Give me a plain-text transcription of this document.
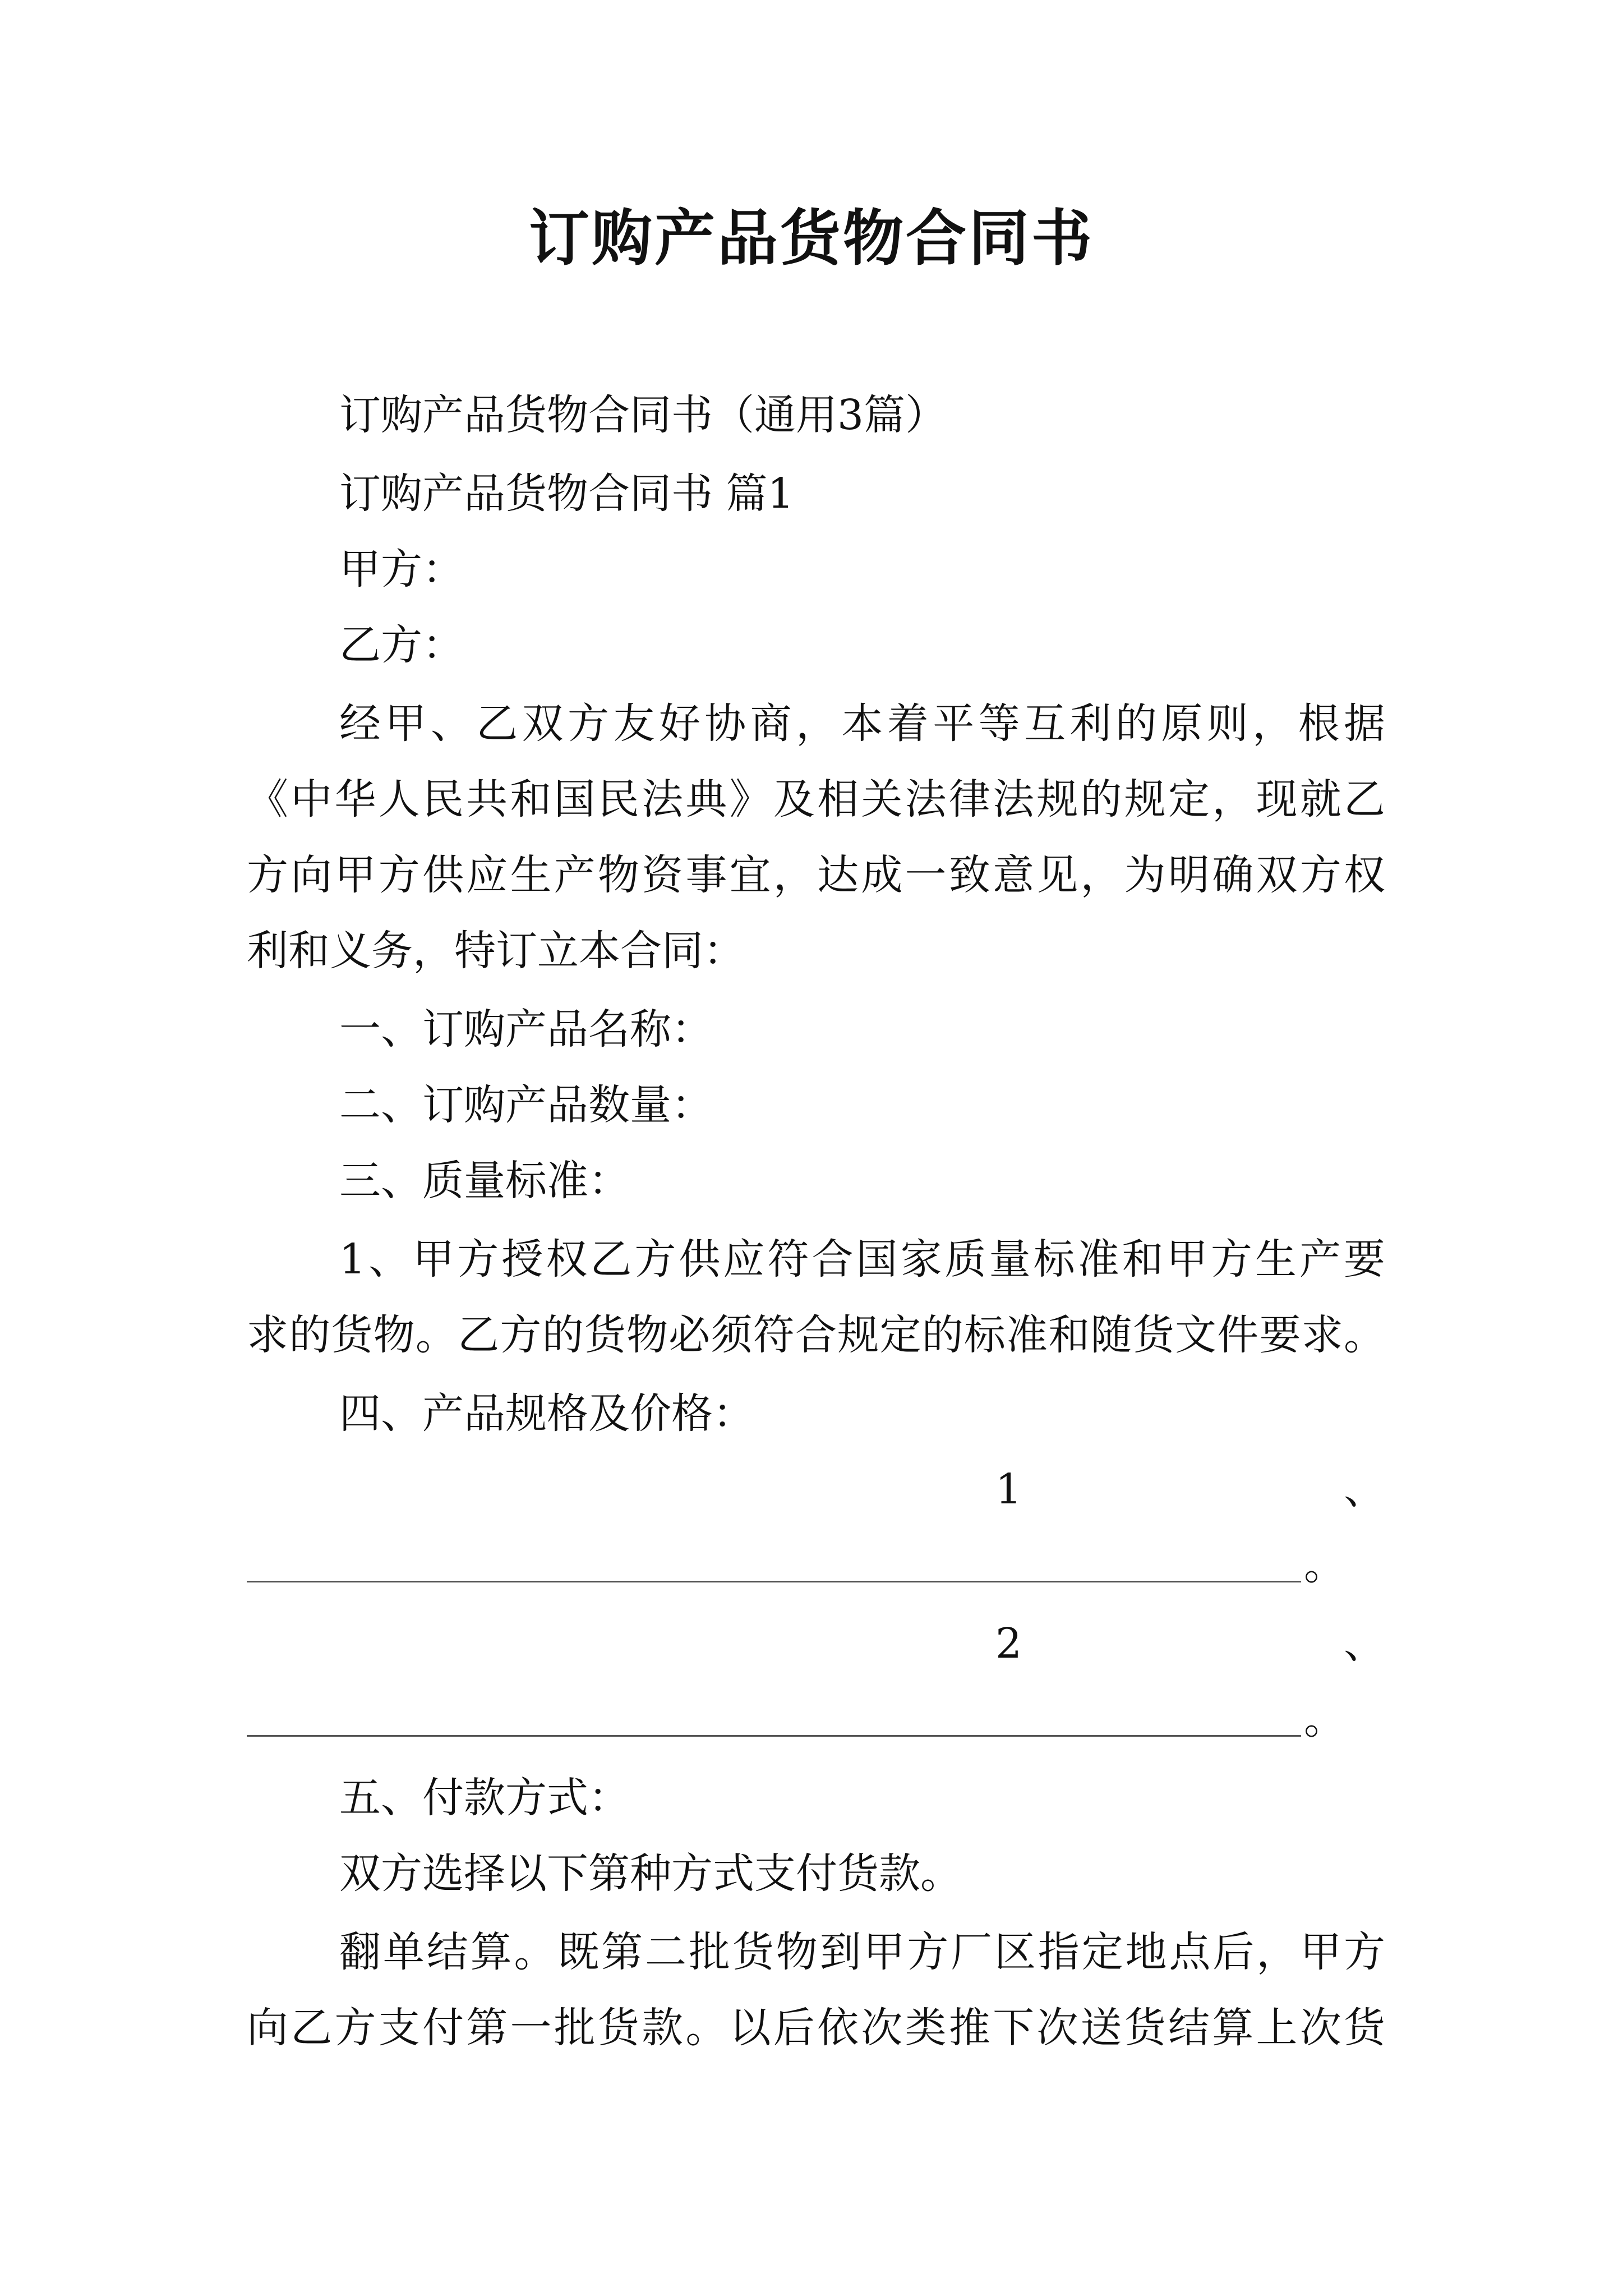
订购产品货物合同书
订购产品货物合同书（通用3篇）
订购产品货物合同书 篇1
甲方：
乙方：
经甲、乙双方友好协商，本着平等互利的原则，根据
《中华人民共和国民法典》及相关法律法规的规定，现就乙
方向甲方供应生产物资事宜，达成一致意见，为明确双方权
利和义务，特订立本合同：
一、订购产品名称：
二、订购产品数量：
三、质量标准：
1、甲方授权乙方供应符合国家质量标准和甲方生产要
求的货物。乙方的货物必须符合规定的标准和随货文件要求。
四、产品规格及价格：
1	、
。
2	、
。
五、付款方式：
双方选择以下第种方式支付货款。
翻单结算。既第二批货物到甲方厂区指定地点后，甲方
向乙方支付第一批货款。以后依次类推下次送货结算上次货
